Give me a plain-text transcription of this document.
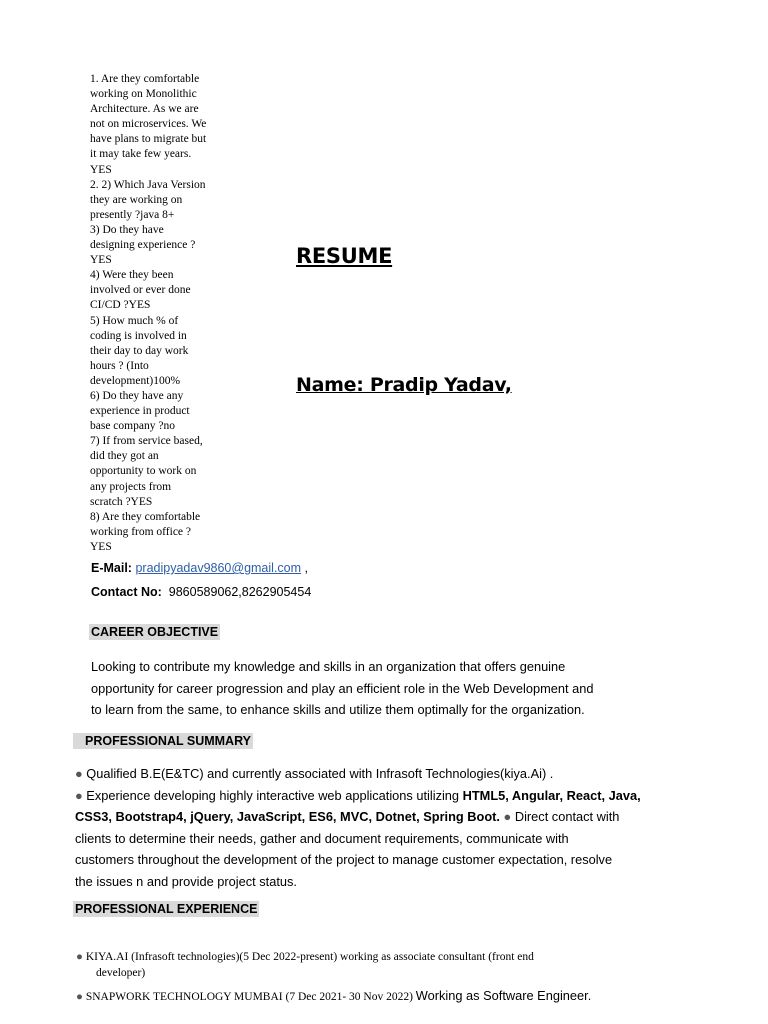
1. Are they comfortable
working on Monolithic
Architecture. As we are
not on microservices. We
have plans to migrate but
it may take few years.
YES
2. 2) Which Java Version
they are working on
presently ?java 8+
3) Do they have
designing experience ?
YES
4) Were they been
involved or ever done
CI/CD ?YES
5) How much % of
coding is involved in
their day to day work
hours ? (Into
development)100%
6) Do they have any
experience in product
base company ?no
7) If from service based,
did they got an
opportunity to work on
any projects from
scratch ?YES
8) Are they comfortable
working from office ?
YES
RESUME
Name: Pradip Yadav,
E-Mail: pradipyadav9860@gmail.com ,
Contact No: 9860589062,8262905454
CAREER OBJECTIVE
Looking to contribute my knowledge and skills in an organization that offers genuine
opportunity for career progression and play an efficient role in the Web Development and
to learn from the same, to enhance skills and utilize them optimally for the organization.
PROFESSIONAL SUMMARY
● Qualified B.E(E&TC) and currently associated with Infrasoft Technologies(kiya.Ai) .
● Experience developing highly interactive web applications utilizing HTML5, Angular, React, Java,
CSS3, Bootstrap4, jQuery, JavaScript, ES6, MVC, Dotnet, Spring Boot. ● Direct contact with
clients to determine their needs, gather and document requirements, communicate with
customers throughout the development of the project to manage customer expectation, resolve
the issues n and provide project status.
PROFESSIONAL EXPERIENCE
● KIYA.AI (Infrasoft technologies)(5 Dec 2022-present) working as associate consultant (front end
developer)
● SNAPWORK TECHNOLOGY MUMBAI (7 Dec 2021- 30 Nov 2022) Working as Software Engineer.
